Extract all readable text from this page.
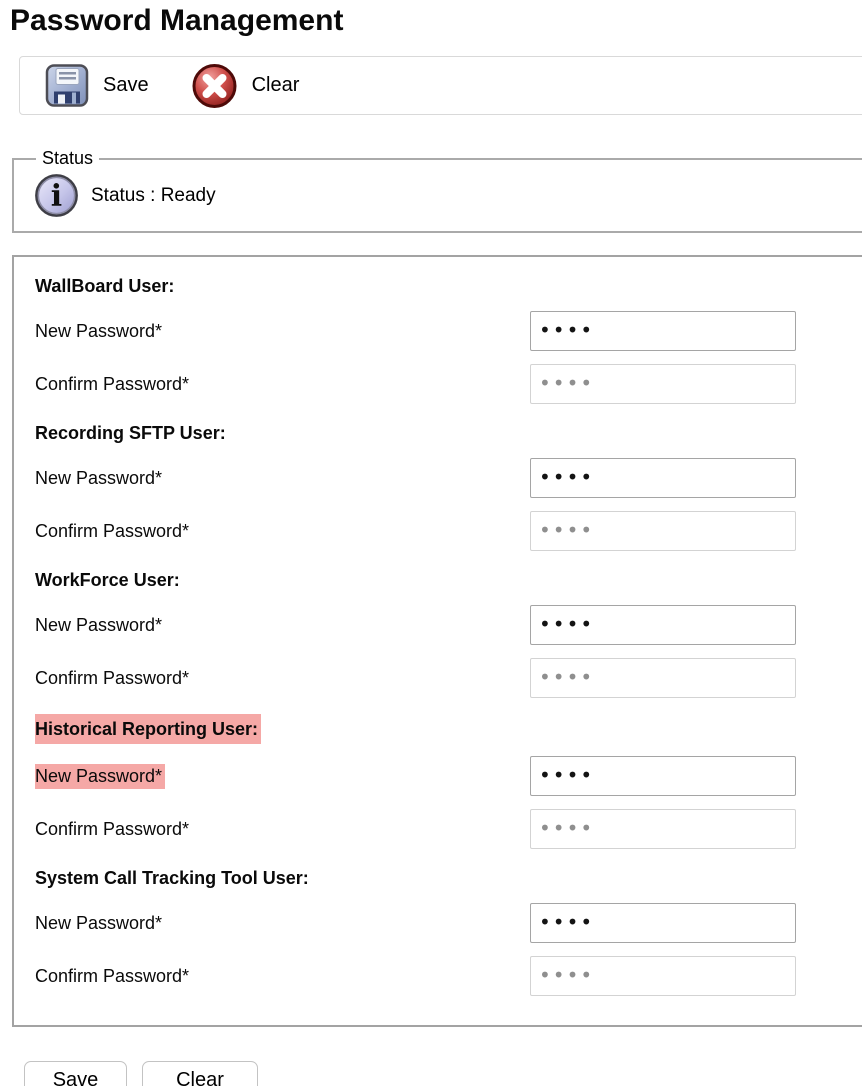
Password Management
Save	Clear
Status
i Status : Ready
WallBoard User:
New Password*
••••
Confirm Password*
••••
Recording SFTP User:
New Password*
••••
Confirm Password*
••••
WorkForce User:
New Password*
••••
Confirm Password*
••••
Historical Reporting User:
New Password*
••••
Confirm Password*
••••
System Call Tracking Tool User:
New Password*
••••
Confirm Password*
••••
Save	Clear
